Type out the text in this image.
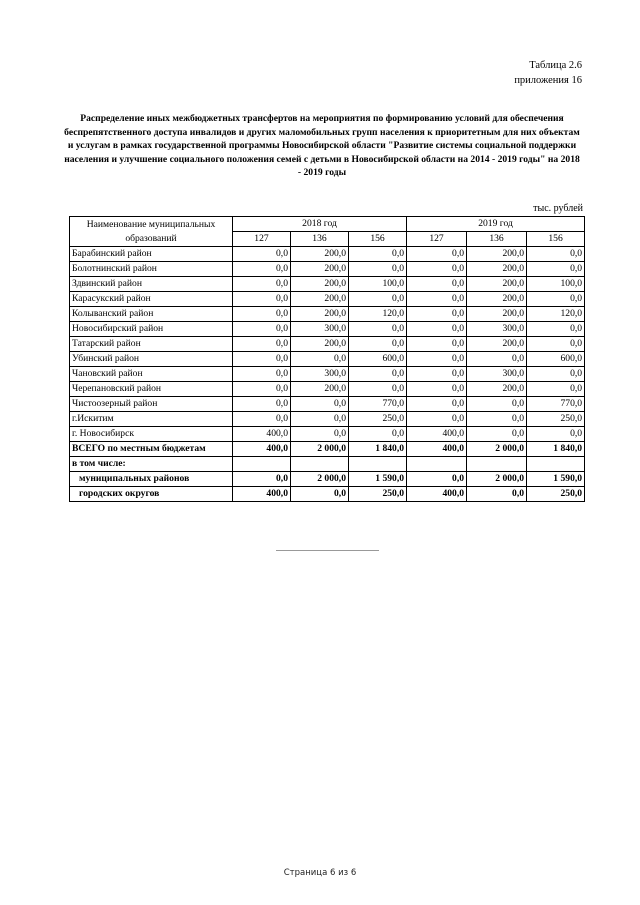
Таблица 2.6
приложения 16
Распределение иных межбюджетных трансфертов на мероприятия по формированию условий для обеспечения беспрепятственного доступа инвалидов и других маломобильных групп населения к приоритетным для них объектам и услугам в рамках государственной программы Новосибирской области "Развитие системы социальной поддержки населения и улучшение социального положения семей с детьми в Новосибирской области на 2014 - 2019 годы" на 2018 - 2019 годы
тыс. рублей
Наименование муниципальных образований	2018 год			2019 год		
	127	136	156	127	136	156
Барабинский район	0,0	200,0	0,0	0,0	200,0	0,0
Болотнинский район	0,0	200,0	0,0	0,0	200,0	0,0
Здвинский район	0,0	200,0	100,0	0,0	200,0	100,0
Карасукский район	0,0	200,0	0,0	0,0	200,0	0,0
Колыванский район	0,0	200,0	120,0	0,0	200,0	120,0
Новосибирский район	0,0	300,0	0,0	0,0	300,0	0,0
Татарский район	0,0	200,0	0,0	0,0	200,0	0,0
Убинский район	0,0	0,0	600,0	0,0	0,0	600,0
Чановский район	0,0	300,0	0,0	0,0	300,0	0,0
Черепановский район	0,0	200,0	0,0	0,0	200,0	0,0
Чистоозерный район	0,0	0,0	770,0	0,0	0,0	770,0
г.Искитим	0,0	0,0	250,0	0,0	0,0	250,0
г. Новосибирск	400,0	0,0	0,0	400,0	0,0	0,0
ВСЕГО по местным бюджетам	400,0	2 000,0	1 840,0	400,0	2 000,0	1 840,0
в том числе:						
муниципальных районов	0,0	2 000,0	1 590,0	0,0	2 000,0	1 590,0
городских округов	400,0	0,0	250,0	400,0	0,0	250,0
Страница 6 из 6
